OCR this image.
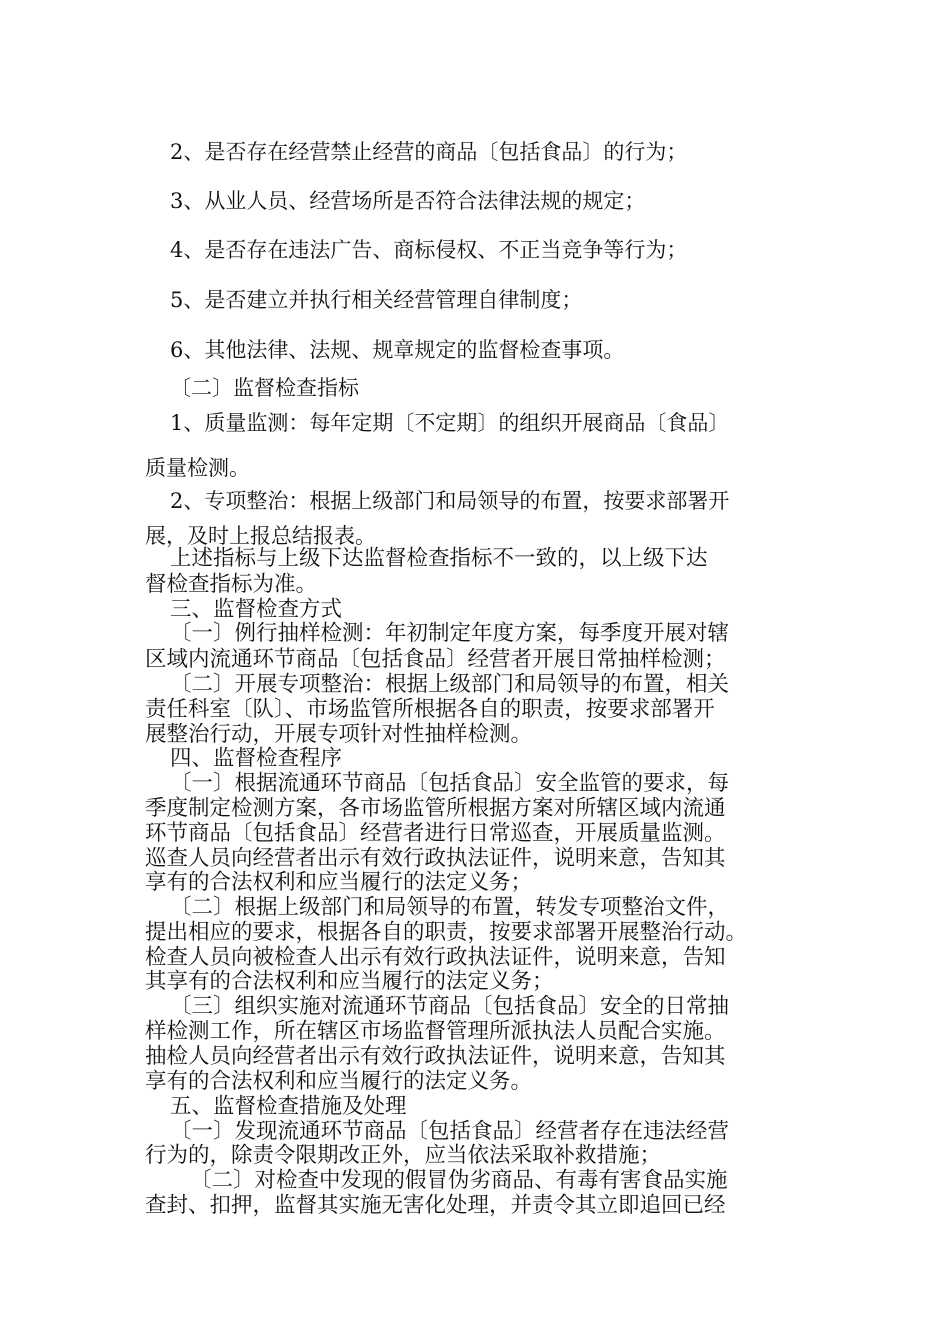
2、是否存在经营禁止经营的商品〔包括食品〕的行为；

3、从业人员、经营场所是否符合法律法规的规定；

4、是否存在违法广告、商标侵权、不正当竞争等行为；

5、是否建立并执行相关经营管理自律制度；

6、其他法律、法规、规章规定的监督检查事项。

〔二〕监督检查指标

1、质量监测：每年定期〔不定期〕的组织开展商品〔食品〕

质量检测。

2、专项整治：根据上级部门和局领导的布置，按要求部署开

展，及时上报总结报表。

上述指标与上级下达监督检查指标不一致的，以上级下达

督检查指标为准。

三、监督检查方式

〔一〕例行抽样检测：年初制定年度方案，每季度开展对辖

区域内流通环节商品〔包括食品〕经营者开展日常抽样检测；

〔二〕开展专项整治：根据上级部门和局领导的布置，相关

责任科室〔队〕、市场监管所根据各自的职责，按要求部署开

展整治行动，开展专项针对性抽样检测。

四、监督检查程序

〔一〕根据流通环节商品〔包括食品〕安全监管的要求，每

季度制定检测方案，各市场监管所根据方案对所辖区域内流通

环节商品〔包括食品〕经营者进行日常巡查，开展质量监测。

巡查人员向经营者出示有效行政执法证件，说明来意，告知其

享有的合法权利和应当履行的法定义务；

〔二〕根据上级部门和局领导的布置，转发专项整治文件，

提出相应的要求，根据各自的职责，按要求部署开展整治行动。

检查人员向被检查人出示有效行政执法证件，说明来意，告知

其享有的合法权利和应当履行的法定义务；

〔三〕组织实施对流通环节商品〔包括食品〕安全的日常抽

样检测工作，所在辖区市场监督管理所派执法人员配合实施。

抽检人员向经营者出示有效行政执法证件，说明来意，告知其

享有的合法权利和应当履行的法定义务。

五、监督检查措施及处理

〔一〕发现流通环节商品〔包括食品〕经营者存在违法经营

行为的，除责令限期改正外，应当依法采取补救措施；

〔二〕对检查中发现的假冒伪劣商品、有毒有害食品实施

查封、扣押，监督其实施无害化处理，并责令其立即追回已经
